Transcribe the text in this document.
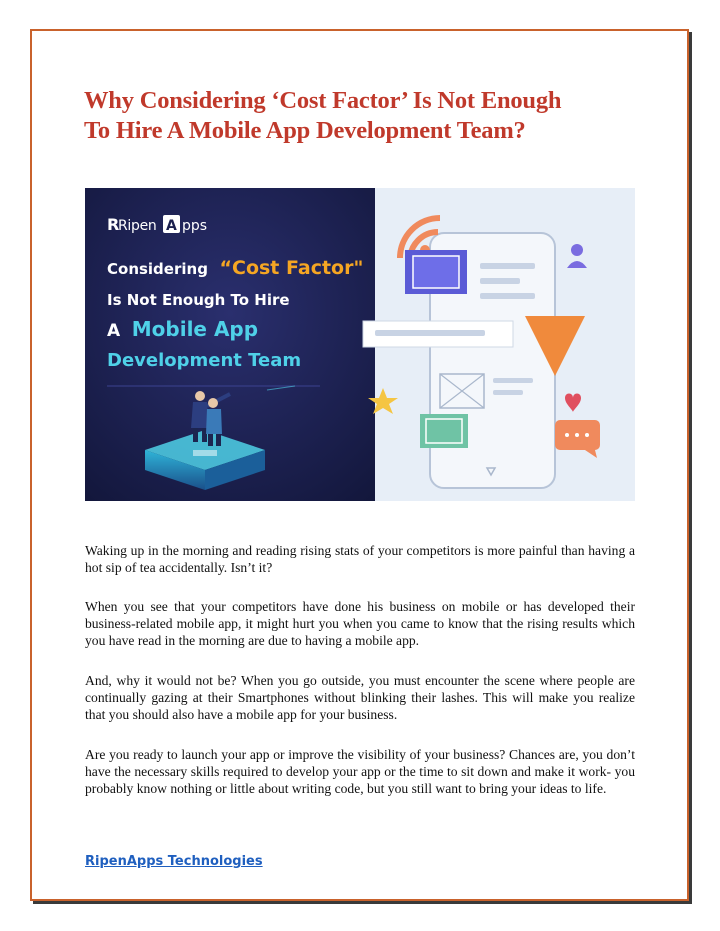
Why Considering ‘Cost Factor’ Is Not Enough
To Hire A Mobile App Development Team?
R
Ripen A pps
Considering “Cost Factor"
Is Not Enough To Hire
A Mobile App
Development Team

Waking up in the morning and reading rising stats of your competitors is more painful than having a hot sip of tea accidentally. Isn’t it?

When you see that your competitors have done his business on mobile or has developed their business-related mobile app, it might hurt you when you came to know that the rising results which you have read in the morning are due to having a mobile app.

And, why it would not be? When you go outside, you must encounter the scene where people are continually gazing at their Smartphones without blinking their lashes. This will make you realize that you should also have a mobile app for your business.

Are you ready to launch your app or improve the visibility of your business? Chances are, you don’t have the necessary skills required to develop your app or the time to sit down and make it work- you probably know nothing or little about writing code, but you still want to bring your ideas to life.

RipenApps Technologies
